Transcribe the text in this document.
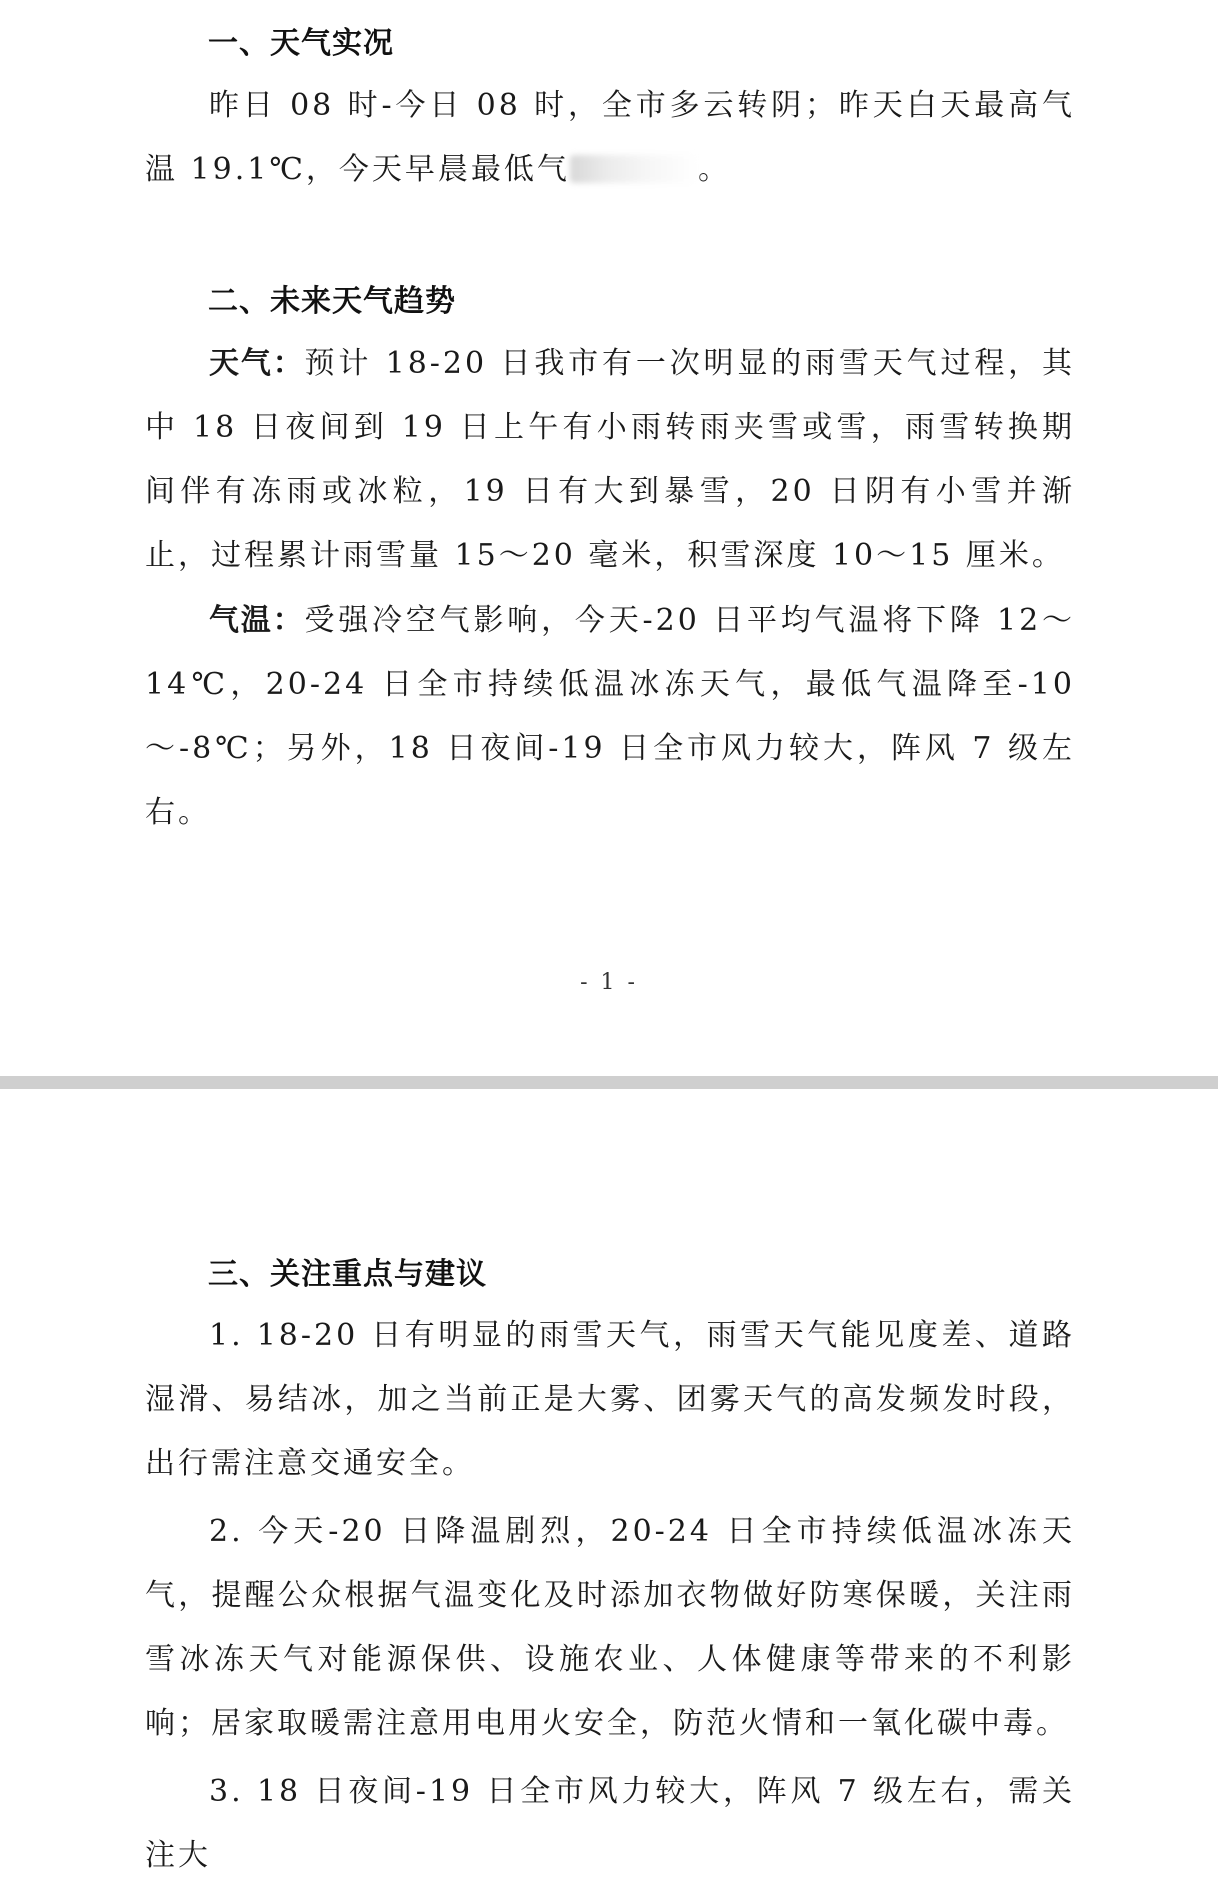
一、天气实况

昨日 08 时-今日 08 时，全市多云转阴；昨天白天最高气温 19.1℃，今天早晨最低气	。

二、未来天气趋势

天气：预计 18-20 日我市有一次明显的雨雪天气过程，其中 18 日夜间到 19 日上午有小雨转雨夹雪或雪，雨雪转换期间伴有冻雨或冰粒，19 日有大到暴雪，20 日阴有小雪并渐止，过程累计雨雪量 15～20 毫米，积雪深度 10～15 厘米。

气温：受强冷空气影响，今天-20 日平均气温将下降 12～14℃，20-24 日全市持续低温冰冻天气，最低气温降至-10～-8℃；另外，18 日夜间-19 日全市风力较大，阵风 7 级左右。

- 1 -
三、关注重点与建议

1. 18-20 日有明显的雨雪天气，雨雪天气能见度差、道路湿滑、易结冰，加之当前正是大雾、团雾天气的高发频发时段，出行需注意交通安全。

2. 今天-20 日降温剧烈，20-24 日全市持续低温冰冻天气，提醒公众根据气温变化及时添加衣物做好防寒保暖，关注雨雪冰冻天气对能源保供、设施农业、人体健康等带来的不利影响；居家取暖需注意用电用火安全，防范火情和一氧化碳中毒。

3. 18 日夜间-19 日全市风力较大，阵风 7 级左右，需关注大
